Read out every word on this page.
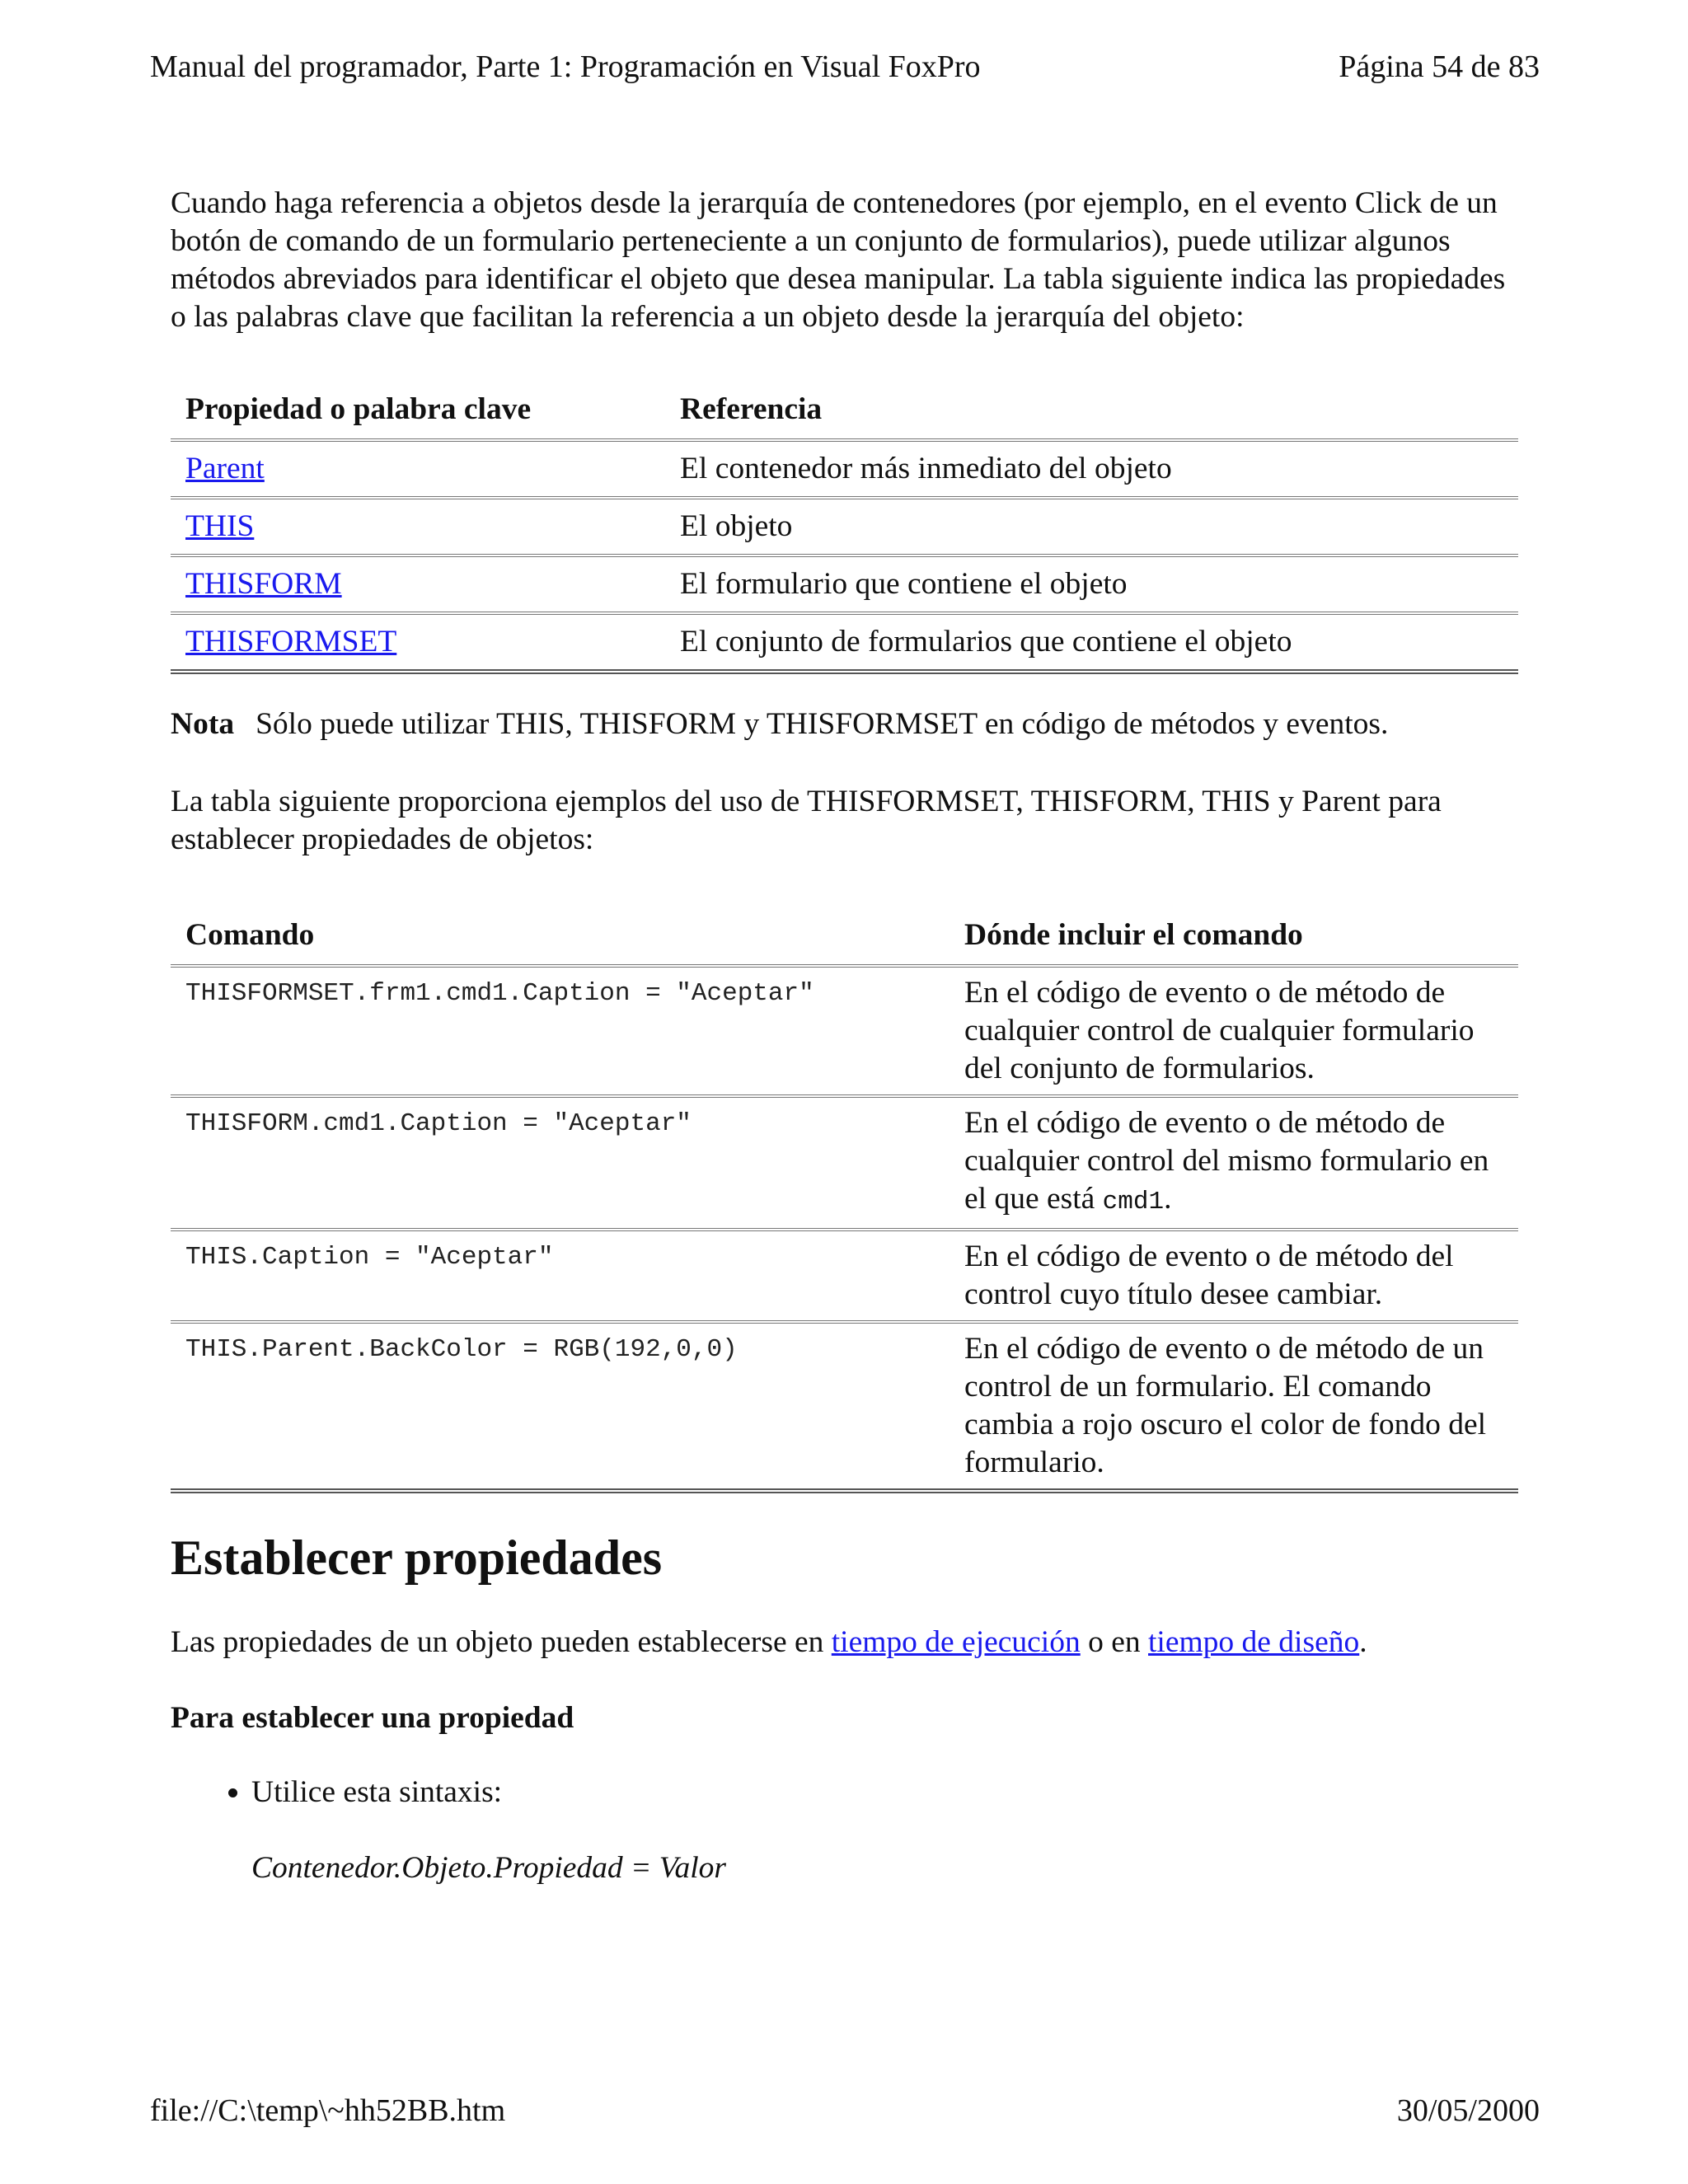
Manual del programador, Parte 1: Programación en Visual FoxPro	Página 54 de 83

Cuando haga referencia a objetos desde la jerarquía de contenedores (por ejemplo, en el evento Click de un botón de comando de un formulario perteneciente a un conjunto de formularios), puede utilizar algunos métodos abreviados para identificar el objeto que desea manipular. La tabla siguiente indica las propiedades o las palabras clave que facilitan la referencia a un objeto desde la jerarquía del objeto:

Propiedad o palabra clave	Referencia
Parent	El contenedor más inmediato del objeto
THIS	El objeto
THISFORM	El formulario que contiene el objeto
THISFORMSET	El conjunto de formularios que contiene el objeto

Nota Sólo puede utilizar THIS, THISFORM y THISFORMSET en código de métodos y eventos.

La tabla siguiente proporciona ejemplos del uso de THISFORMSET, THISFORM, THIS y Parent para establecer propiedades de objetos:

Comando	Dónde incluir el comando
THISFORMSET.frm1.cmd1.Caption = "Aceptar"	En el código de evento o de método de cualquier control de cualquier formulario del conjunto de formularios.
THISFORM.cmd1.Caption = "Aceptar"	En el código de evento o de método de cualquier control del mismo formulario en el que está cmd1.
THIS.Caption = "Aceptar"	En el código de evento o de método del control cuyo título desee cambiar.
THIS.Parent.BackColor = RGB(192,0,0)	En el código de evento o de método de un control de un formulario. El comando cambia a rojo oscuro el color de fondo del formulario.
Establecer propiedades

Las propiedades de un objeto pueden establecerse en tiempo de ejecución o en tiempo de diseño.

Para establecer una propiedad

• Utilice esta sintaxis:

Contenedor.Objeto.Propiedad = Valor

file://C:\temp\~hh52BB.htm	30/05/2000
